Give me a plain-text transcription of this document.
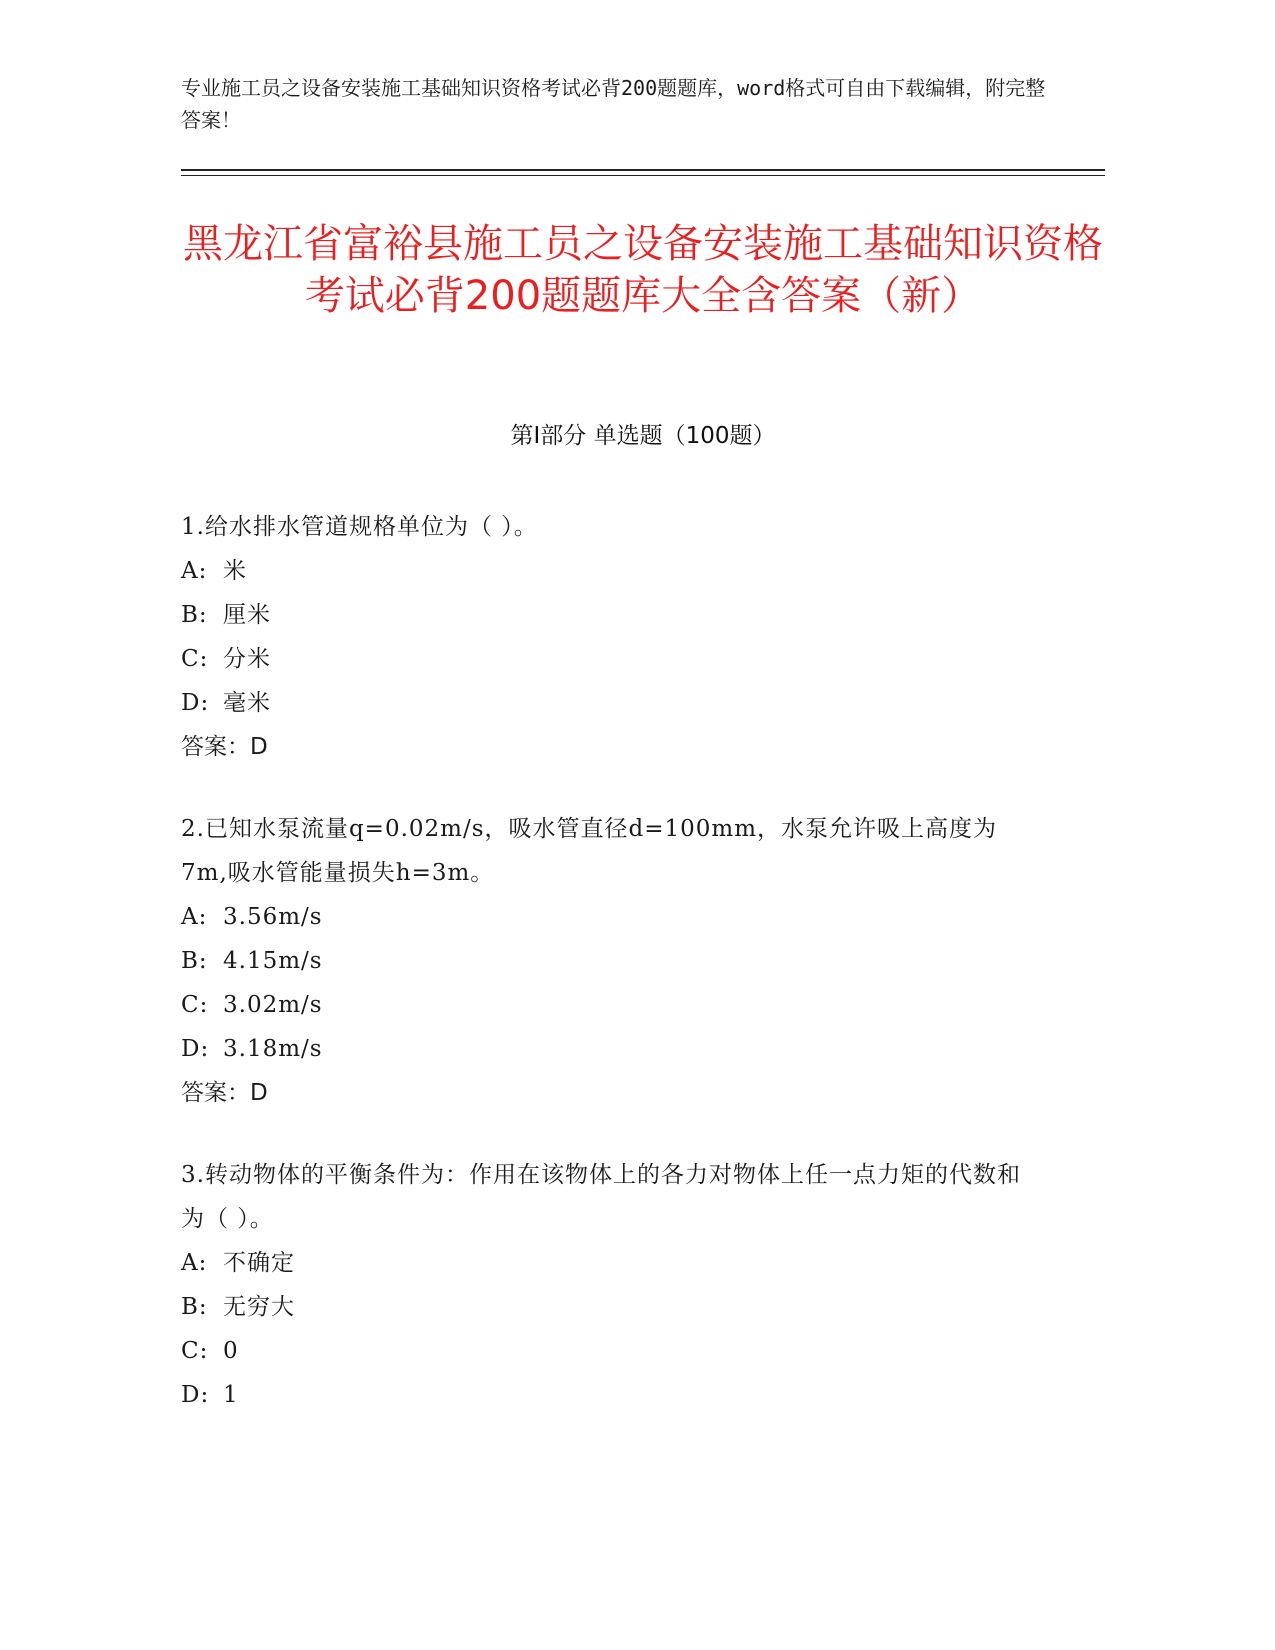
专业施工员之设备安装施工基础知识资格考试必背200题题库，word格式可自由下载编辑，附完整答案！
黑龙江省富裕县施工员之设备安装施工基础知识资格考试必背200题题库大全含答案（新）
第I部分 单选题（100题）
1.给水排水管道规格单位为（ ）。
A: 米
B: 厘米
C: 分米
D: 毫米
答案：D
2.已知水泵流量q=0.02m/s，吸水管直径d=100mm，水泵允许吸上高度为7m,吸水管能量损失h=3m。
A: 3.56m/s
B: 4.15m/s
C: 3.02m/s
D: 3.18m/s
答案：D
3.转动物体的平衡条件为：作用在该物体上的各力对物体上任一点力矩的代数和为（ ）。
A: 不确定
B: 无穷大
C: 0
D: 1
